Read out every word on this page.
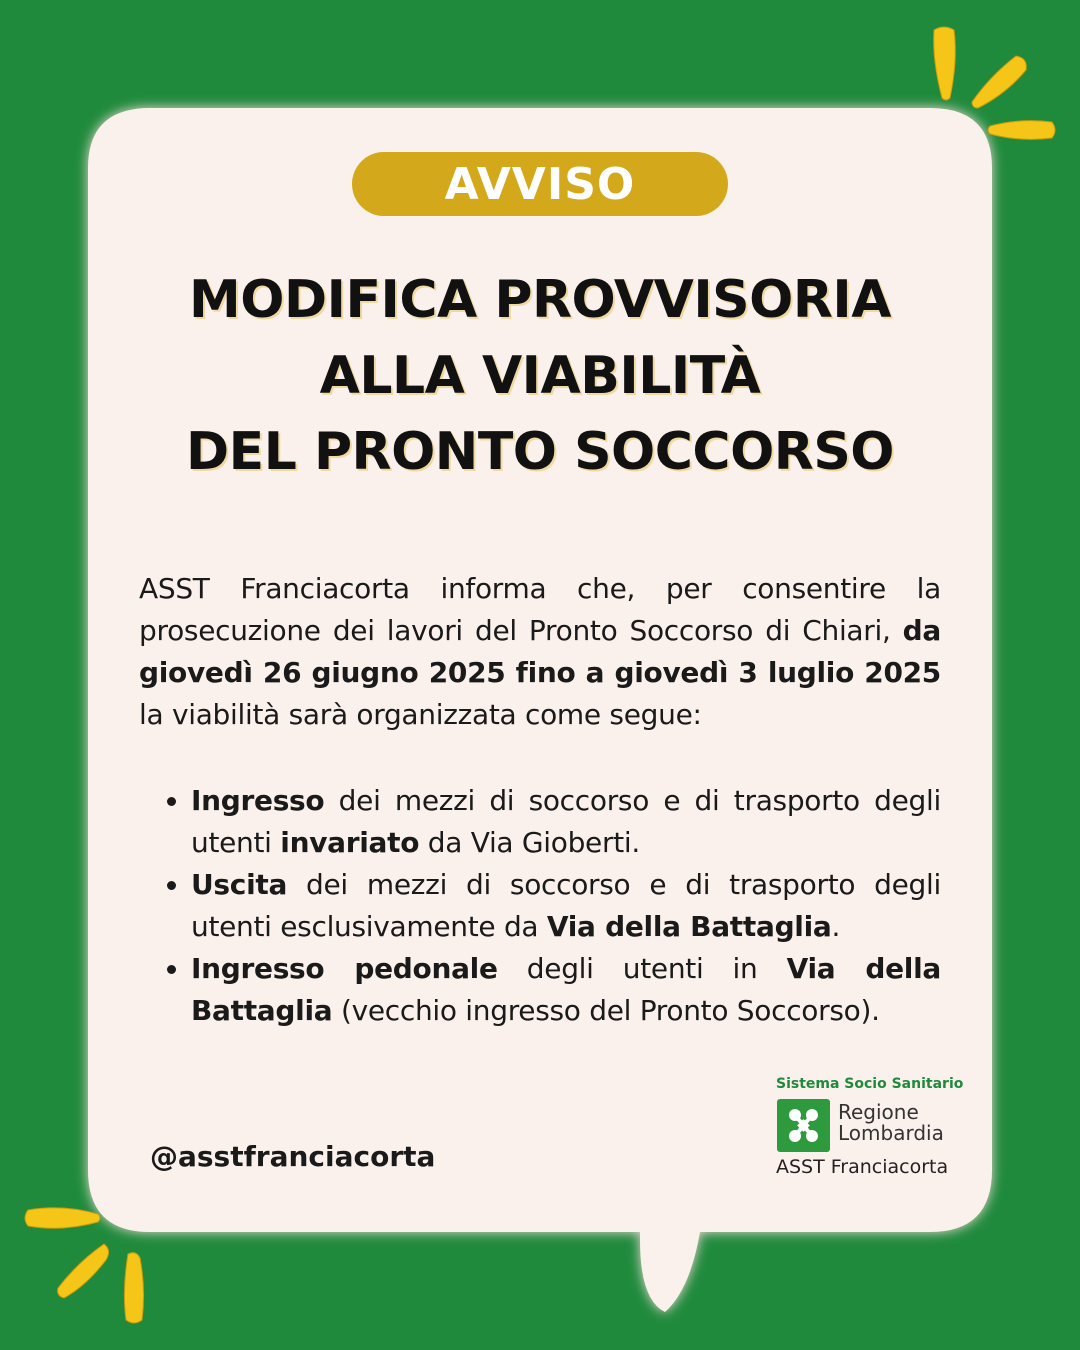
AVVISO
MODIFICA PROVVISORIA
ALLA VIABILITÀ
DEL PRONTO SOCCORSO

ASST Franciacorta informa che, per consentire la prosecuzione dei lavori del Pronto Soccorso di Chiari, da giovedì 26 giugno 2025 fino a giovedì 3 luglio 2025 la viabilità sarà organizzata come segue:

• Ingresso dei mezzi di soccorso e di trasporto degli utenti invariato da Via Gioberti.
• Uscita dei mezzi di soccorso e di trasporto degli utenti esclusivamente da Via della Battaglia.
• Ingresso pedonale degli utenti in Via della Battaglia (vecchio ingresso del Pronto Soccorso).
@asstfranciacorta
Sistema Socio Sanitario
Regione
Lombardia
ASST Franciacorta
